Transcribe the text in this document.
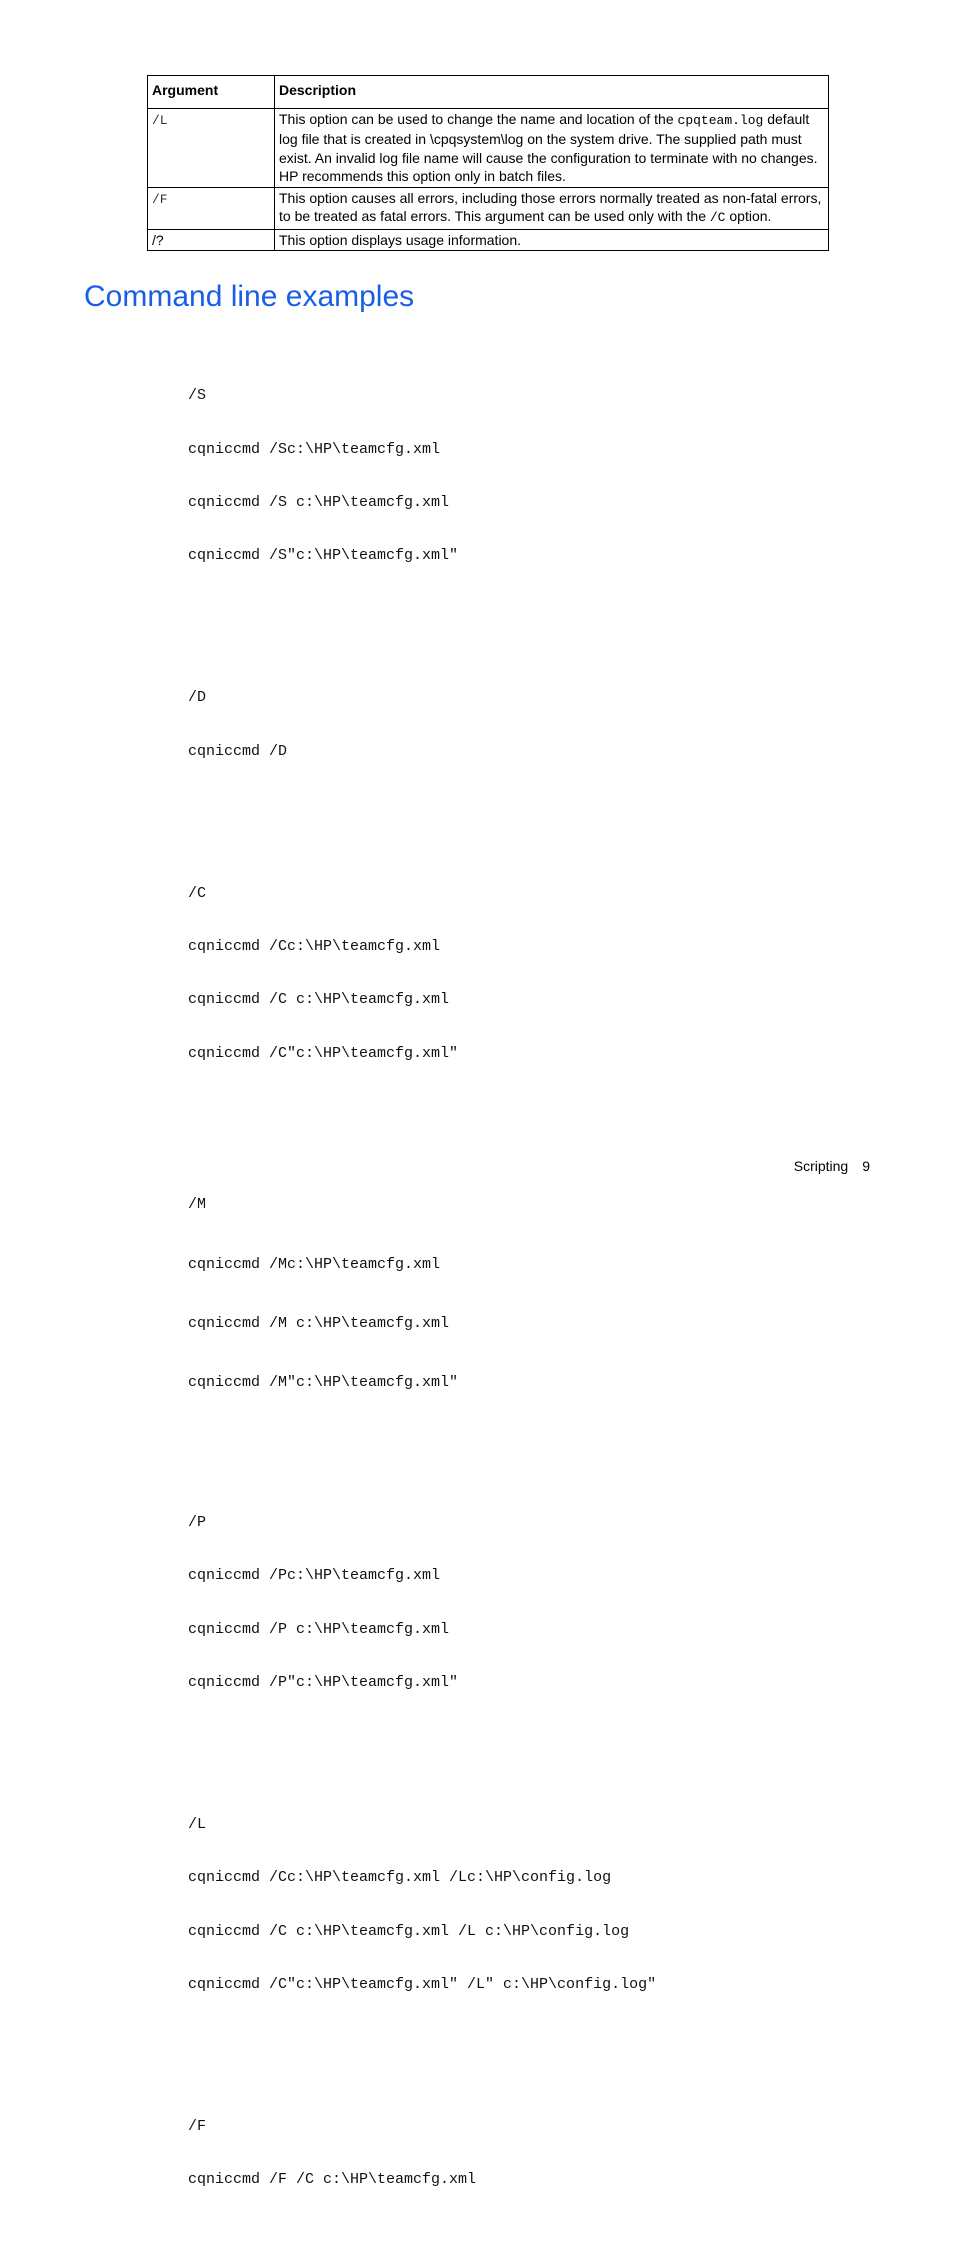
Argument	Description
/L	This option can be used to change the name and location of the cpqteam.log default log file that is created in \cpqsystem\log on the system drive. The supplied path must exist. An invalid log file name will cause the configuration to terminate with no changes. HP recommends this option only in batch files.
/F	This option causes all errors, including those errors normally treated as non-fatal errors, to be treated as fatal errors. This argument can be used only with the /C option.
/?	This option displays usage information.
Command line examples

/S

cqniccmd /Sc:\HP\teamcfg.xml

cqniccmd /S c:\HP\teamcfg.xml

cqniccmd /S"c:\HP\teamcfg.xml"

/D

cqniccmd /D

/C

cqniccmd /Cc:\HP\teamcfg.xml

cqniccmd /C c:\HP\teamcfg.xml

cqniccmd /C"c:\HP\teamcfg.xml"

/M

cqniccmd /Mc:\HP\teamcfg.xml

cqniccmd /M c:\HP\teamcfg.xml

cqniccmd /M"c:\HP\teamcfg.xml"

/P

cqniccmd /Pc:\HP\teamcfg.xml

cqniccmd /P c:\HP\teamcfg.xml

cqniccmd /P"c:\HP\teamcfg.xml"

/L

cqniccmd /Cc:\HP\teamcfg.xml /Lc:\HP\config.log

cqniccmd /C c:\HP\teamcfg.xml /L c:\HP\config.log

cqniccmd /C"c:\HP\teamcfg.xml" /L" c:\HP\config.log"

/F

cqniccmd /F /C c:\HP\teamcfg.xml

Scripting 9
